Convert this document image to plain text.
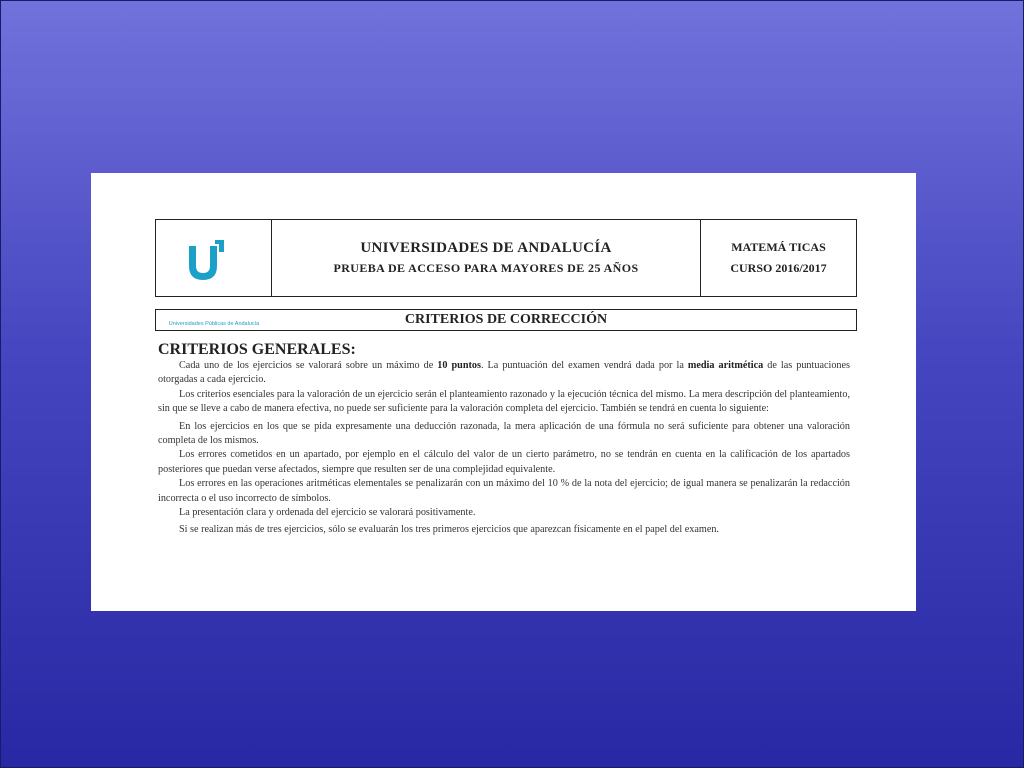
Universidades Públicas de Andalucía
UNIVERSIDADES DE ANDALUCÍA
PRUEBA DE ACCESO PARA MAYORES DE 25 AÑOS
MATEMÁ TICAS
CURSO 2016/2017
CRITERIOS DE CORRECCIÓN
CRITERIOS GENERALES:

Cada uno de los ejercicios se valorará sobre un máximo de 10 puntos. La puntuación del examen vendrá dada por la media aritmética de las puntuaciones otorgadas a cada ejercicio.

Los criterios esenciales para la valoración de un ejercicio serán el planteamiento razonado y la ejecución técnica del mismo. La mera descripción del planteamiento, sin que se lleve a cabo de manera efectiva, no puede ser suficiente para la valoración completa del ejercicio. También se tendrá en cuenta lo siguiente:

En los ejercicios en los que se pida expresamente una deducción razonada, la mera aplicación de una fórmula no será suficiente para obtener una valoración completa de los mismos.

Los errores cometidos en un apartado, por ejemplo en el cálculo del valor de un cierto parámetro, no se tendrán en cuenta en la calificación de los apartados posteriores que puedan verse afectados, siempre que resulten ser de una complejidad equivalente.

Los errores en las operaciones aritméticas elementales se penalizarán con un máximo del 10 % de la nota del ejercicio; de igual manera se penalizarán la redacción incorrecta o el uso incorrecto de símbolos.

La presentación clara y ordenada del ejercicio se valorará positivamente.

Si se realizan más de tres ejercicios, sólo se evaluarán los tres primeros ejercicios que aparezcan físicamente en el papel del examen.
